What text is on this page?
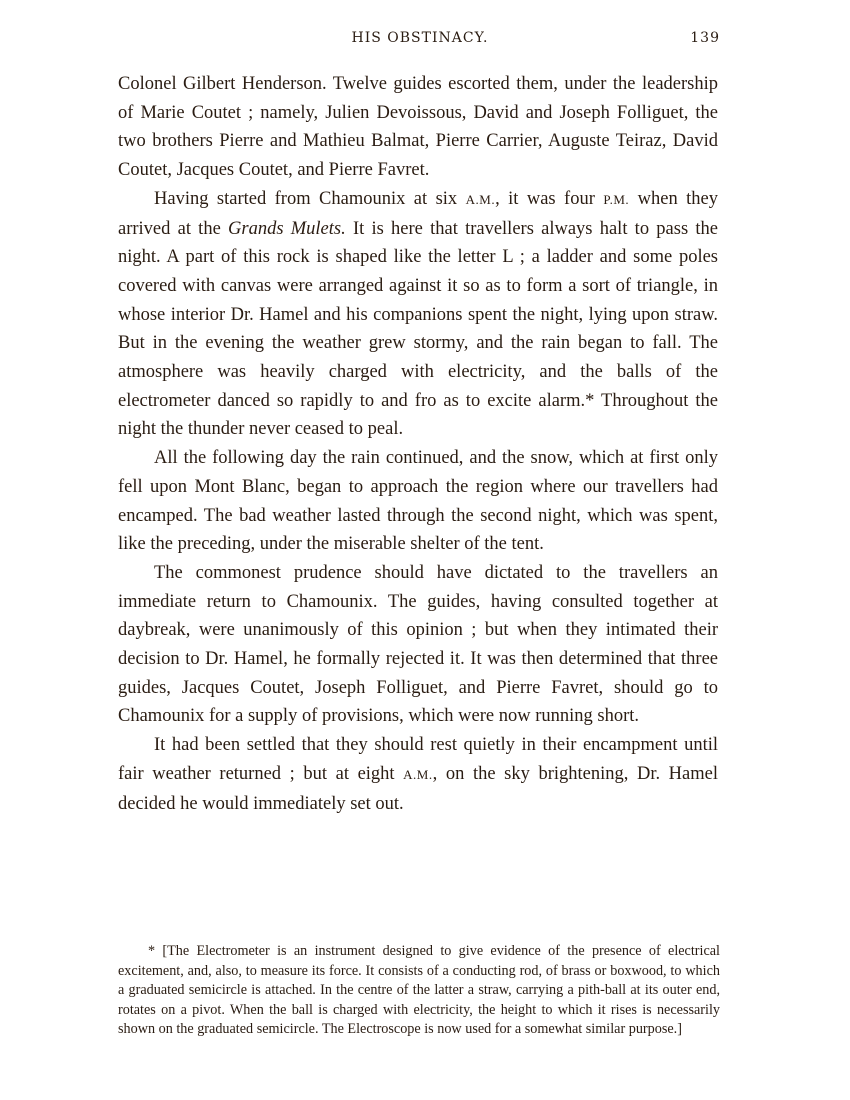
HIS OBSTINACY.	139

Colonel Gilbert Henderson. Twelve guides escorted them, under the leadership of Marie Coutet ; namely, Julien Devoissous, David and Joseph Folliguet, the two brothers Pierre and Mathieu Balmat, Pierre Carrier, Auguste Teiraz, David Coutet, Jacques Coutet, and Pierre Favret.

Having started from Chamounix at six A.M., it was four P.M. when they arrived at the Grands Mulets. It is here that travellers always halt to pass the night. A part of this rock is shaped like the letter L ; a ladder and some poles covered with canvas were arranged against it so as to form a sort of triangle, in whose interior Dr. Hamel and his companions spent the night, lying upon straw. But in the evening the weather grew stormy, and the rain began to fall. The atmosphere was heavily charged with electricity, and the balls of the electrometer danced so rapidly to and fro as to excite alarm.* Throughout the night the thunder never ceased to peal.

All the following day the rain continued, and the snow, which at first only fell upon Mont Blanc, began to approach the region where our travellers had encamped. The bad weather lasted through the second night, which was spent, like the preceding, under the miserable shelter of the tent.

The commonest prudence should have dictated to the travellers an immediate return to Chamounix. The guides, having consulted together at daybreak, were unanimously of this opinion ; but when they intimated their decision to Dr. Hamel, he formally rejected it. It was then determined that three guides, Jacques Coutet, Joseph Folliguet, and Pierre Favret, should go to Chamounix for a supply of provisions, which were now running short.

It had been settled that they should rest quietly in their encampment until fair weather returned ; but at eight A.M., on the sky brightening, Dr. Hamel decided he would immediately set out.

* [The Electrometer is an instrument designed to give evidence of the presence of electrical excitement, and, also, to measure its force. It consists of a conducting rod, of brass or boxwood, to which a graduated semicircle is attached. In the centre of the latter a straw, carrying a pith-ball at its outer end, rotates on a pivot. When the ball is charged with electricity, the height to which it rises is necessarily shown on the graduated semicircle. The Electroscope is now used for a somewhat similar purpose.]
